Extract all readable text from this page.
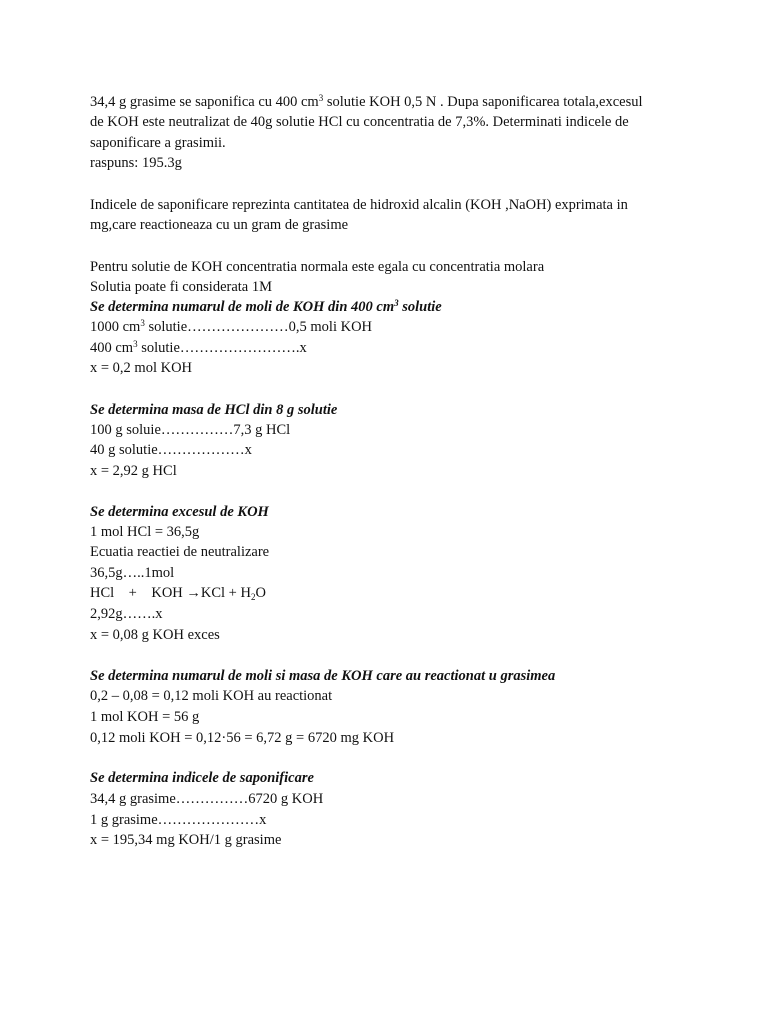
34,4 g grasime se saponifica cu 400 $cm^3$ solutie KOH 0,5 N . Dupa saponificarea totala,excesul
de KOH este neutralizat de 40g solutie HCl cu concentratia de 7,3%. Determinati indicele de
saponificare a grasimii.
raspuns: 195.3g
Indicele de saponificare reprezinta cantitatea de hidroxid alcalin (KOH ,NaOH) exprimata in
mg,care reactioneaza cu un gram de grasime
Pentru solutie de KOH concentratia normala este egala cu concentratia molara
Solutia poate fi considerata 1M
Se determina numarul de moli de KOH din 400 $cm^3$ solutie
1000 $cm^3$ solutie…………………0,5 moli KOH
400 $cm^3$ solutie…………………….x
x = 0,2 mol KOH
Se determina masa de HCl din 8 g solutie
100 g soluie……………7,3 g HCl
40 g solutie………………x
x = 2,92 g HCl
Se determina excesul de KOH
1 mol HCl = 36,5g
Ecuatia reactiei de neutralizare
36,5g…..1mol
HCl    +    KOH $\to KCl + H_2O$
2,92g…….x
x = 0,08 g KOH exces
Se determina numarul de moli si masa de KOH care au reactionat u grasimea
0,2 – 0,08 = 0,12 moli KOH au reactionat
1 mol KOH = 56 g
0,12 moli KOH = 0,12·56 = 6,72 g = 6720 mg KOH
Se determina indicele de saponificare
34,4 g grasime……………6720 g KOH
1 g grasime…………………x
x = 195,34 mg KOH/1 g grasime
